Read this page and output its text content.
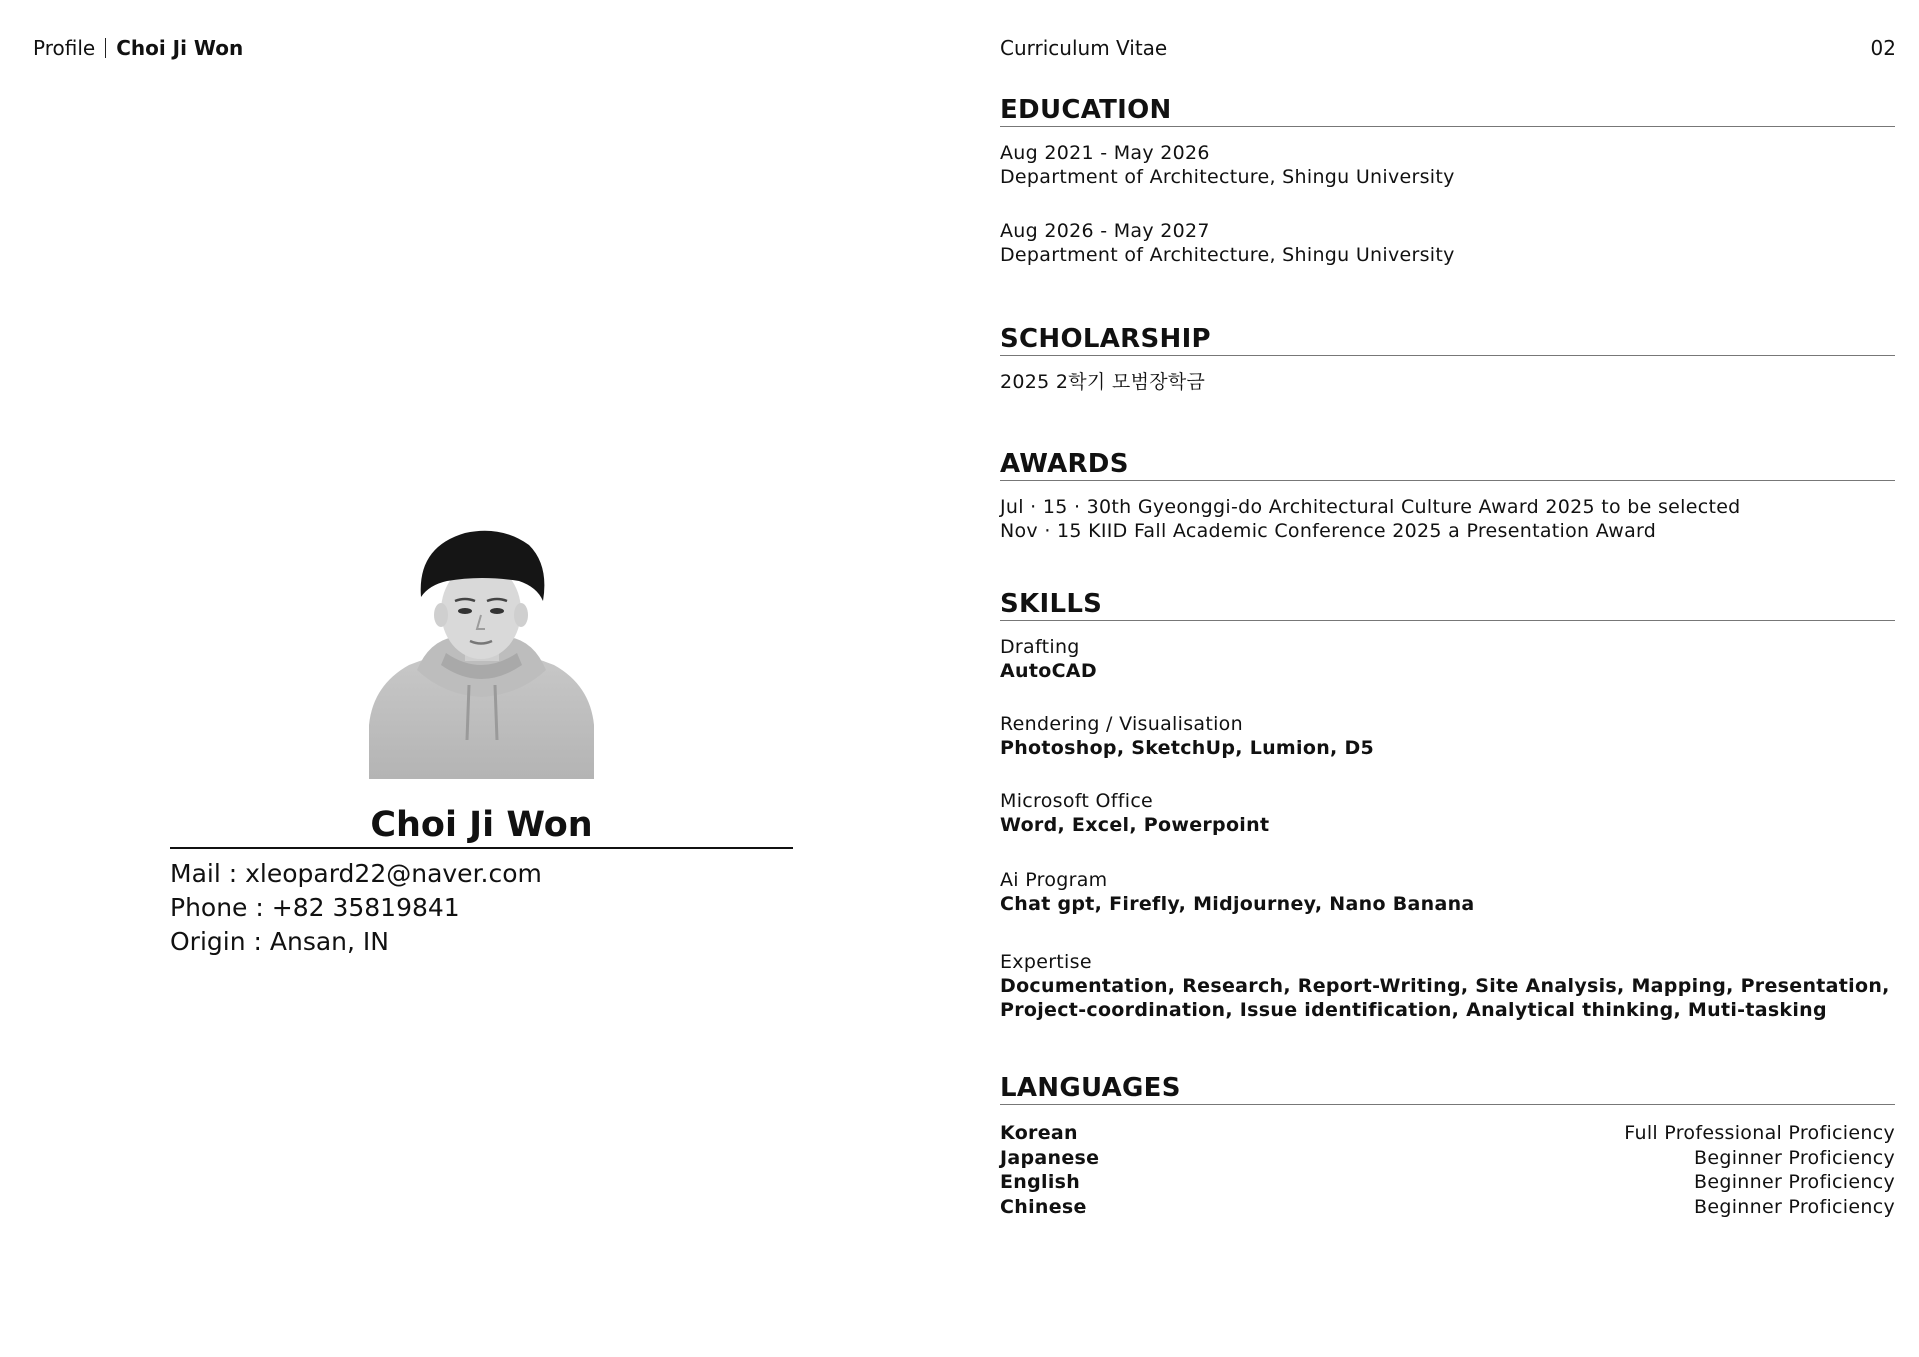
Profile Choi Ji Won	Curriculum Vitae	02
Choi Ji Won
Mail : xleopard22@naver.com
Phone : +82 35819841
Origin : Ansan, IN
EDUCATION
Aug 2021 - May 2026
Department of Architecture, Shingu University
Aug 2026 - May 2027
Department of Architecture, Shingu University
SCHOLARSHIP
2025 2학기 모범장학금
AWARDS
Jul · 15 · 30th Gyeonggi-do Architectural Culture Award 2025 to be selected
Nov · 15 KIID Fall Academic Conference 2025 a Presentation Award
SKILLS
Drafting
AutoCAD
Rendering / Visualisation
Photoshop, SketchUp, Lumion, D5
Microsoft Office
Word, Excel, Powerpoint
Ai Program
Chat gpt, Firefly, Midjourney, Nano Banana
Expertise
Documentation, Research, Report-Writing, Site Analysis, Mapping, Presentation,
Project-coordination, Issue identification, Analytical thinking, Muti-tasking
LANGUAGES
Korean	Full Professional Proficiency
Japanese	Beginner Proficiency
English	Beginner Proficiency
Chinese	Beginner Proficiency
